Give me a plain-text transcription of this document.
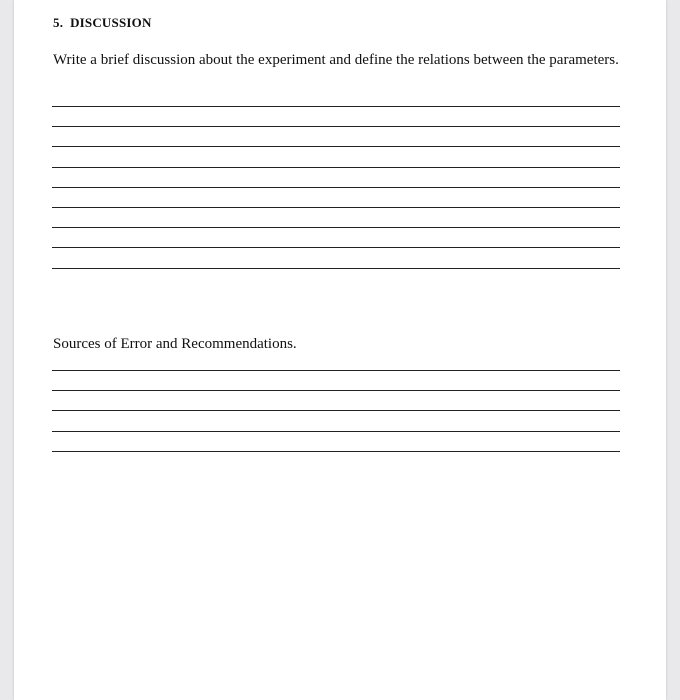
5. DISCUSSION
Write a brief discussion about the experiment and define the relations between the parameters.
Sources of Error and Recommendations.
